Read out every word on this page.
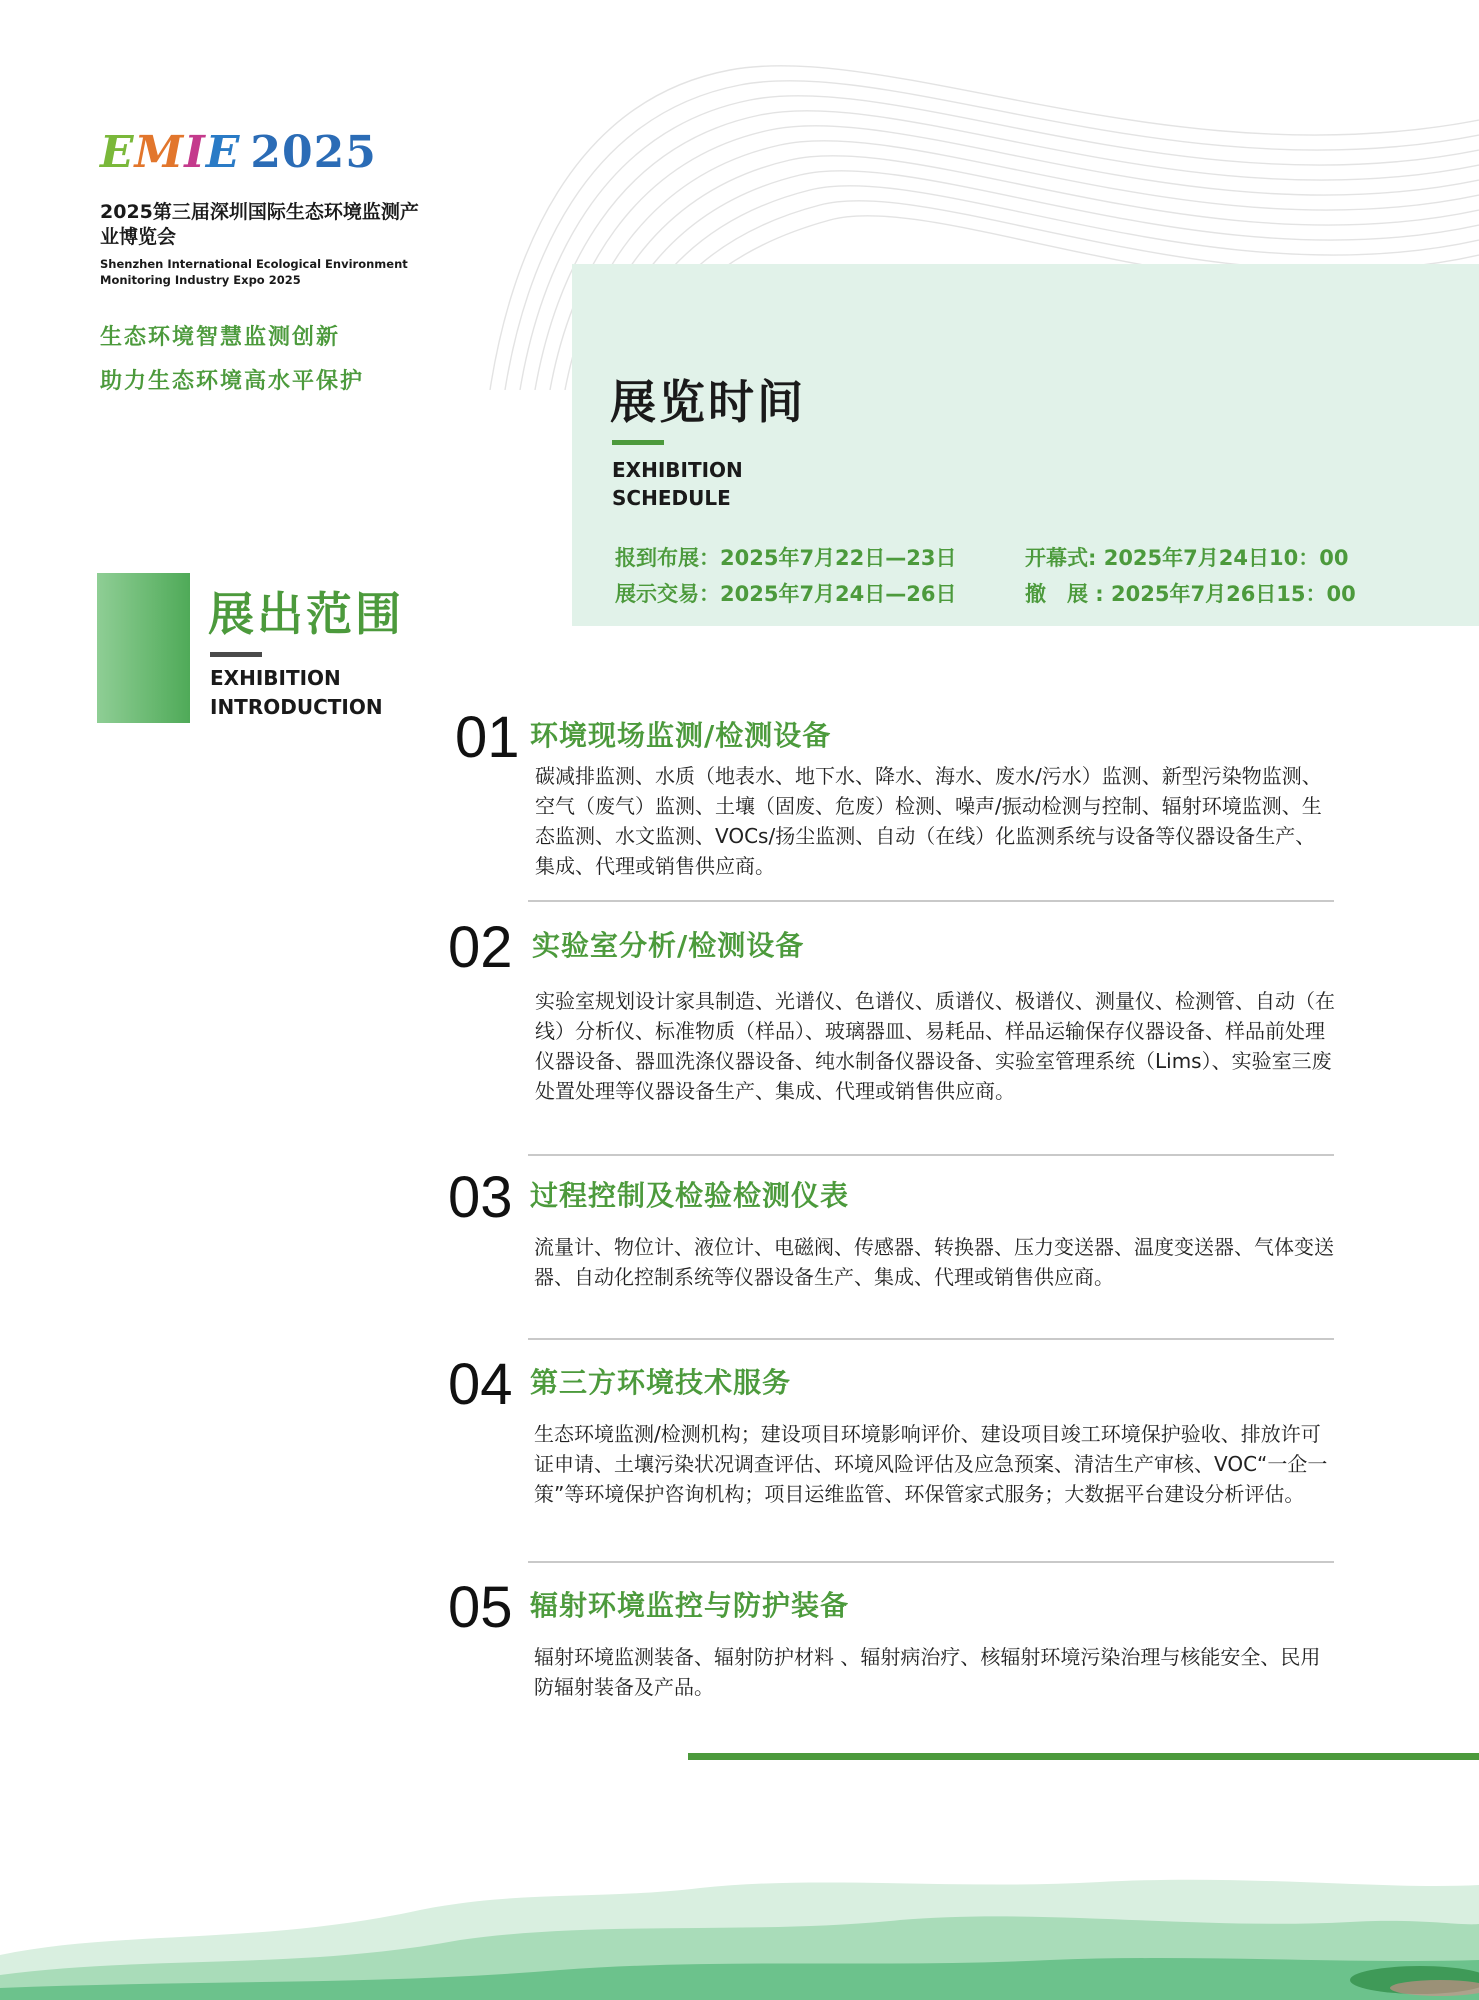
EMIE 2025
2025第三届深圳国际生态环境监测产业博览会
Shenzhen International Ecological Environment Monitoring Industry Expo 2025
生态环境智慧监测创新
助力生态环境高水平保护	展览时间
EXHIBITION SCHEDULE
报到布展：2025年7月22日—23日	开幕式: 2025年7月24日10：00
展示交易：2025年7月24日—26日	撤　展 : 2025年7月26日15：00
展出范围
EXHIBITION INTRODUCTION	01 环境现场监测/检测设备
碳减排监测、水质（地表水、地下水、降水、海水、废水/污水）监测、新型污染物监测、空气（废气）监测、土壤（固废、危废）检测、噪声/振动检测与控制、辐射环境监测、生态监测、水文监测、VOCs/扬尘监测、自动（在线）化监测系统与设备等仪器设备生产、集成、代理或销售供应商。
02 实验室分析/检测设备
实验室规划设计家具制造、光谱仪、色谱仪、质谱仪、极谱仪、测量仪、检测管、自动（在线）分析仪、标准物质（样品）、玻璃器皿、易耗品、样品运输保存仪器设备、样品前处理仪器设备、器皿洗涤仪器设备、纯水制备仪器设备、实验室管理系统（Lims）、实验室三废处置处理等仪器设备生产、集成、代理或销售供应商。
03 过程控制及检验检测仪表
流量计、物位计、液位计、电磁阀、传感器、转换器、压力变送器、温度变送器、气体变送器、自动化控制系统等仪器设备生产、集成、代理或销售供应商。
04 第三方环境技术服务
生态环境监测/检测机构；建设项目环境影响评价、建设项目竣工环境保护验收、排放许可证申请、土壤污染状况调查评估、环境风险评估及应急预案、清洁生产审核、VOC“一企一策”等环境保护咨询机构；项目运维监管、环保管家式服务；大数据平台建设分析评估。
05 辐射环境监控与防护装备
辐射环境监测装备、辐射防护材料 、辐射病治疗、核辐射环境污染治理与核能安全、民用防辐射装备及产品。
